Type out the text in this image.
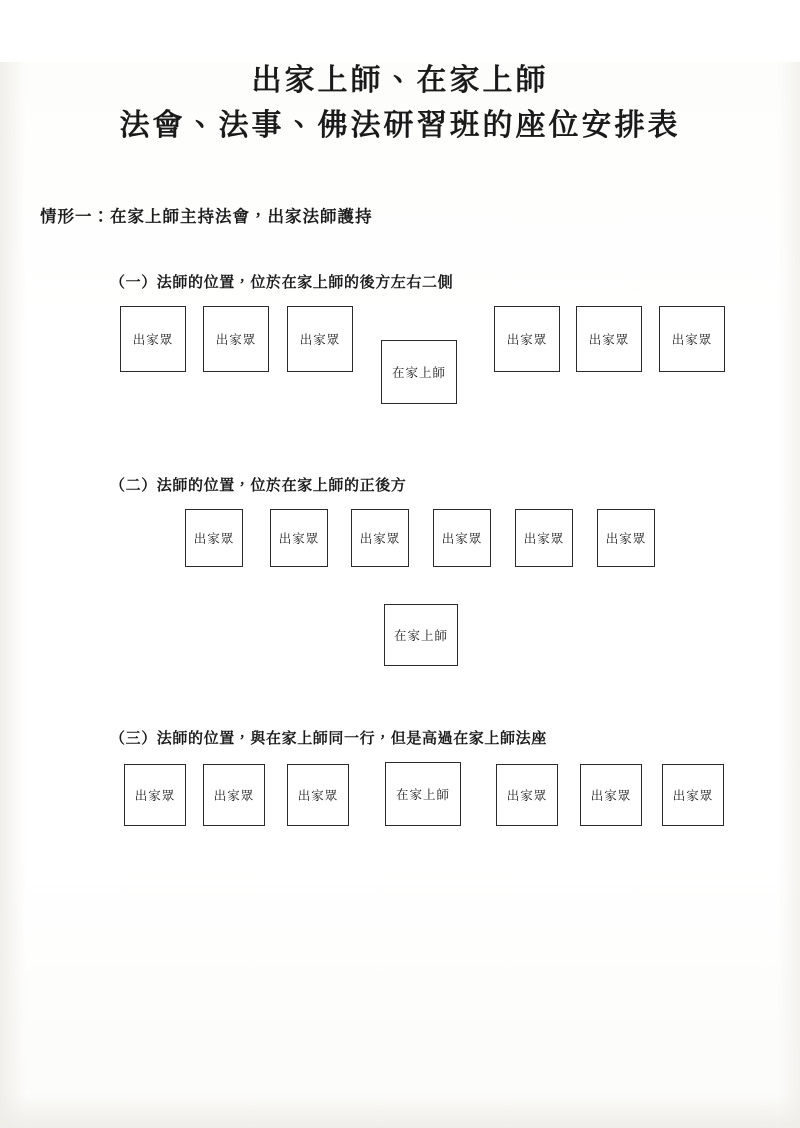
出家上師、在家上師
法會、法事、佛法研習班的座位安排表
情形一：在家上師主持法會，出家法師護持
（一）法師的位置，位於在家上師的後方左右二側
出家眾	出家眾	出家眾
在家上師
出家眾	出家眾	出家眾
（二）法師的位置，位於在家上師的正後方
出家眾	出家眾	出家眾	出家眾	出家眾	出家眾
在家上師
（三）法師的位置，與在家上師同一行，但是高過在家上師法座
出家眾	出家眾	出家眾	在家上師	出家眾	出家眾	出家眾
